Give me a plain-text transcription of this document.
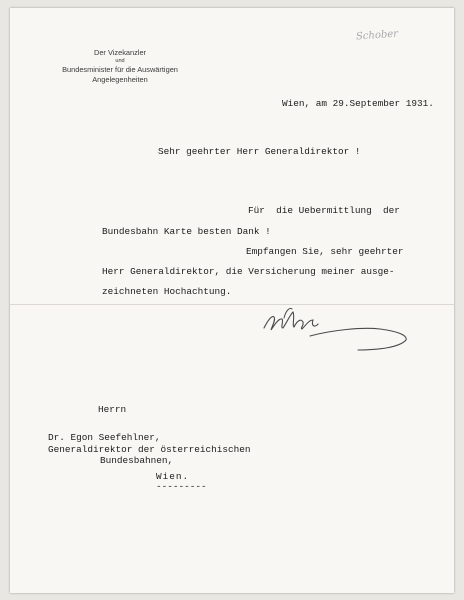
Der Vizekanzler
und
Bundesminister für die Auswärtigen
Angelegenheiten
Schober
Wien, am 29.September 1931.
Sehr geehrter Herr Generaldirektor !
Für  die Uebermittlung  der
Bundesbahn Karte besten Dank !
Empfangen Sie, sehr geehrter
Herr Generaldirektor, die Versicherung meiner ausge-
zeichneten Hochachtung.
Schober
Herrn
Dr. Egon Seefehlner,
Generaldirektor der österreichischen
Bundesbahnen,
Wien.
---------
